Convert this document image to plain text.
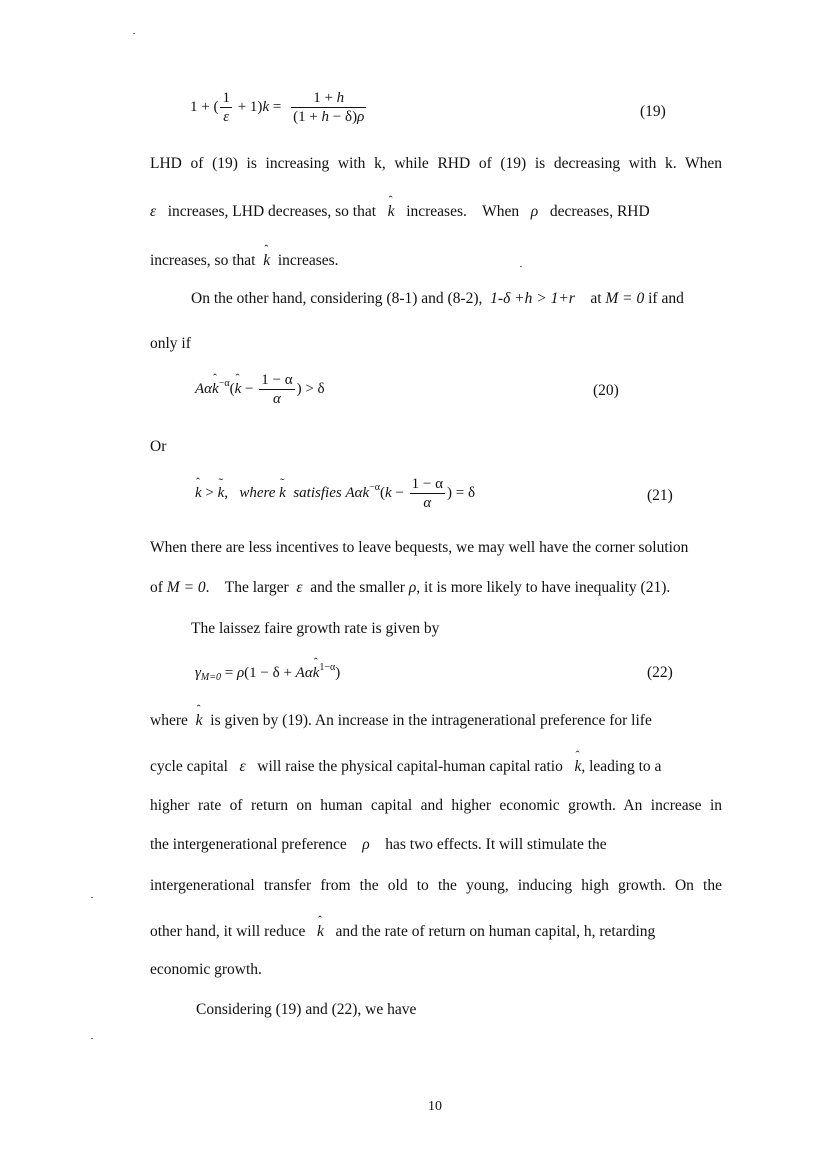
1 + ( $\frac{1}{\varepsilon} + 1)k = \frac{1 + h}{(1 + h - \delta)\rho}$	(19)
LHD of (19) is increasing with k, while RHD of (19) is decreasing with k. When
ε increases, LHD decreases, so that ˆ k increases. When ρ decreases, RHD
increases, so that ˆ k increases.
On the other hand, considering (8-1) and (8-2),  1-δ +h > 1+r    at M = 0 if and
only if
Aαˆ $k^{-\alpha}(ˆ$ $k - \frac{1 - \alpha}{\alpha}$ ) > δ	(20)
Or
ˆ k > ˜ k,   where ˜ k satisfies $A\alpha k^{-\alpha}(k - \frac{1 - \alpha}{\alpha}$ ) = δ	(21)
When there are less incentives to leave bequests, we may well have the corner solution
of M = 0.    The larger ε and the smaller ρ, it is more likely to have inequality (21).
The laissez faire growth rate is given by
$\gamma_{M=0} = \rho(1 - \delta$ + Aαˆ $k^{1-\alpha}$)	(22)
where ˆ k is given by (19). An increase in the intragenerational preference for life
cycle capital ε will raise the physical capital-human capital ratio ˆ k, leading to a
higher rate of return on human capital and higher economic growth. An increase in
the intergenerational preference ρ has two effects. It will stimulate the
intergenerational transfer from the old to the young, inducing high growth. On the
other hand, it will reduce ˆ k and the rate of return on human capital, h, retarding
economic growth.
Considering (19) and (22), we have
10
